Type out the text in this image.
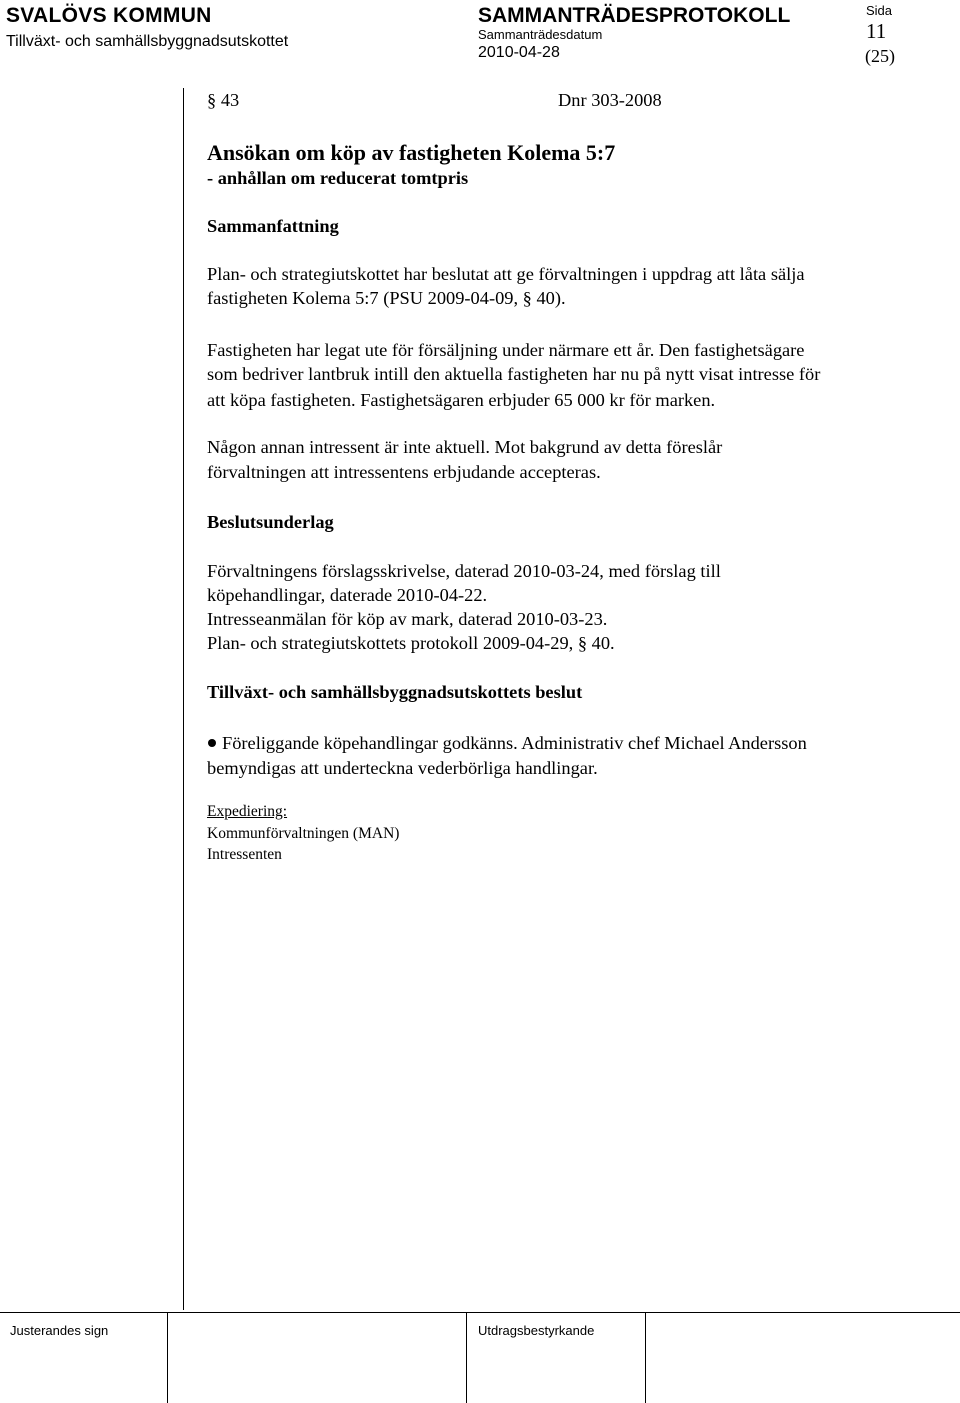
SVALÖVS KOMMUN
Tillväxt- och samhällsbyggnadsutskottet
SAMMANTRÄDESPROTOKOLL
Sammanträdesdatum
2010-04-28
Sida
11
(25)
§ 43	Dnr 303-2008
Ansökan om köp av fastigheten Kolema 5:7
- anhållan om reducerat tomtpris
Sammanfattning
Plan- och strategiutskottet har beslutat att ge förvaltningen i uppdrag att låta sälja
fastigheten Kolema 5:7 (PSU 2009-04-09, § 40).
Fastigheten har legat ute för försäljning under närmare ett år. Den fastighetsägare
som bedriver lantbruk intill den aktuella fastigheten har nu på nytt visat intresse för
att köpa fastigheten. Fastighetsägaren erbjuder 65 000 kr för marken.
Någon annan intressent är inte aktuell. Mot bakgrund av detta föreslår
förvaltningen att intressentens erbjudande accepteras.
Beslutsunderlag
Förvaltningens förslagsskrivelse, daterad 2010-03-24, med förslag till
köpehandlingar, daterade 2010-04-22.
Intresseanmälan för köp av mark, daterad 2010-03-23.
Plan- och strategiutskottets protokoll 2009-04-29, § 40.
Tillväxt- och samhällsbyggnadsutskottets beslut
Föreliggande köpehandlingar godkänns. Administrativ chef Michael Andersson
bemyndigas att underteckna vederbörliga handlingar.
Expediering:
Kommunförvaltningen (MAN)
Intressenten
Justerandes sign	Utdragsbestyrkande
